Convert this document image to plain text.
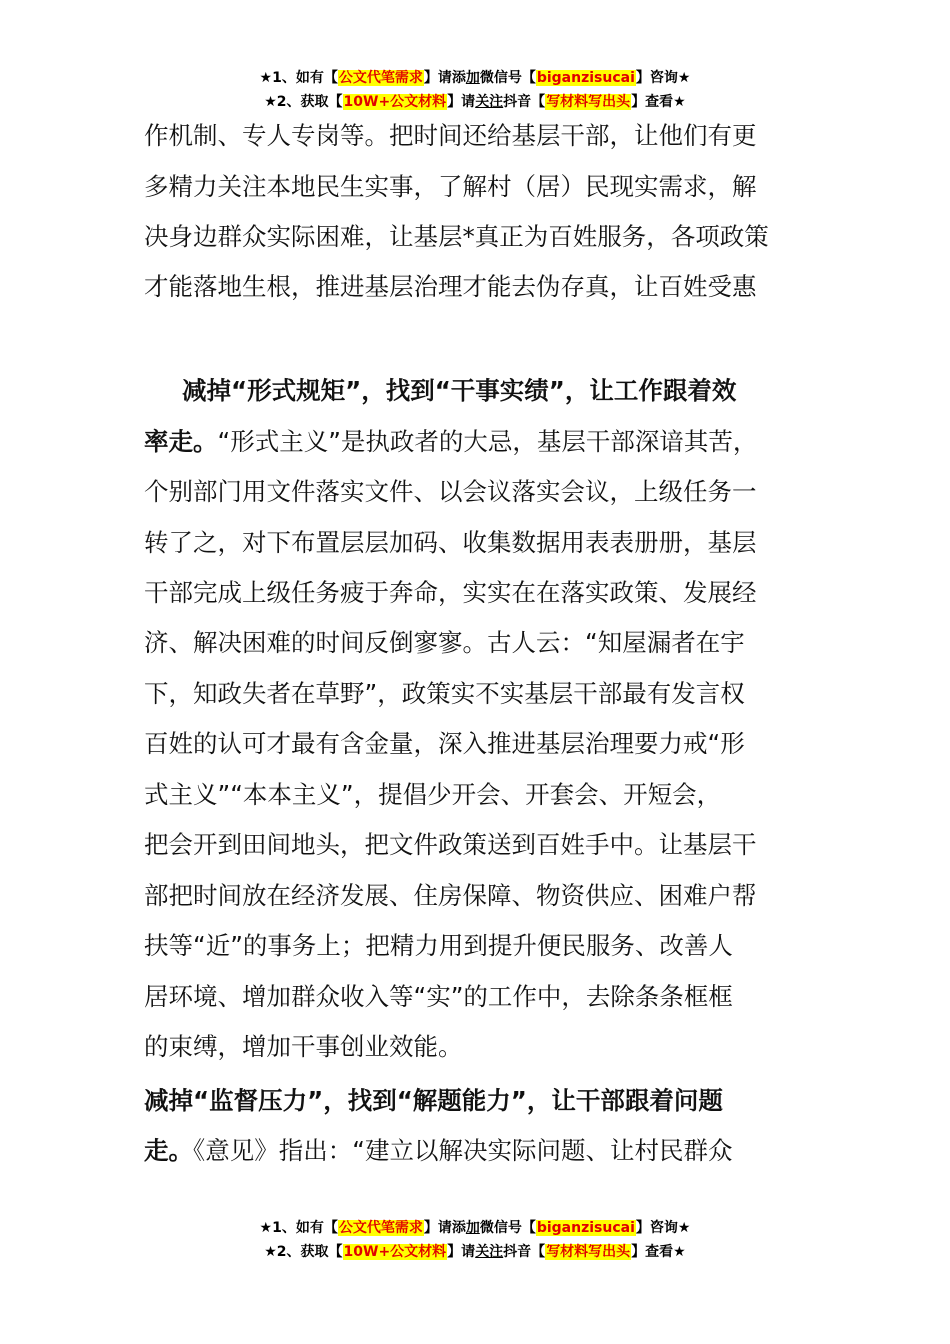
★1、如有【公文代笔需求】请添加微信号【biganzisucai】咨询★
★2、获取【10W+公文材料】请关注抖音【写材料写出头】查看★
作机制、专人专岗等。把时间还给基层干部，让他们有更
多精力关注本地民生实事，了解村（居）民现实需求，解
决身边群众实际困难，让基层*真正为百姓服务，各项政策
才能落地生根，推进基层治理才能去伪存真，让百姓受惠
减掉“形式规矩”，找到“干事实绩”，让工作跟着效
率走。“形式主义”是执政者的大忌，基层干部深谙其苦，
个别部门用文件落实文件、以会议落实会议，上级任务一
转了之，对下布置层层加码、收集数据用表表册册，基层
干部完成上级任务疲于奔命，实实在在落实政策、发展经
济、解决困难的时间反倒寥寥。古人云：“知屋漏者在宇
下，知政失者在草野”，政策实不实基层干部最有发言权
百姓的认可才最有含金量，深入推进基层治理要力戒“形
式主义”“本本主义”，提倡少开会、开套会、开短会，
把会开到田间地头，把文件政策送到百姓手中。让基层干
部把时间放在经济发展、住房保障、物资供应、困难户帮
扶等“近”的事务上；把精力用到提升便民服务、改善人
居环境、增加群众收入等“实”的工作中，去除条条框框
的束缚，增加干事创业效能。
减掉“监督压力”，找到“解题能力”，让干部跟着问题
走。《意见》指出：“建立以解决实际问题、让村民群众
★1、如有【公文代笔需求】请添加微信号【biganzisucai】咨询★
★2、获取【10W+公文材料】请关注抖音【写材料写出头】查看★
